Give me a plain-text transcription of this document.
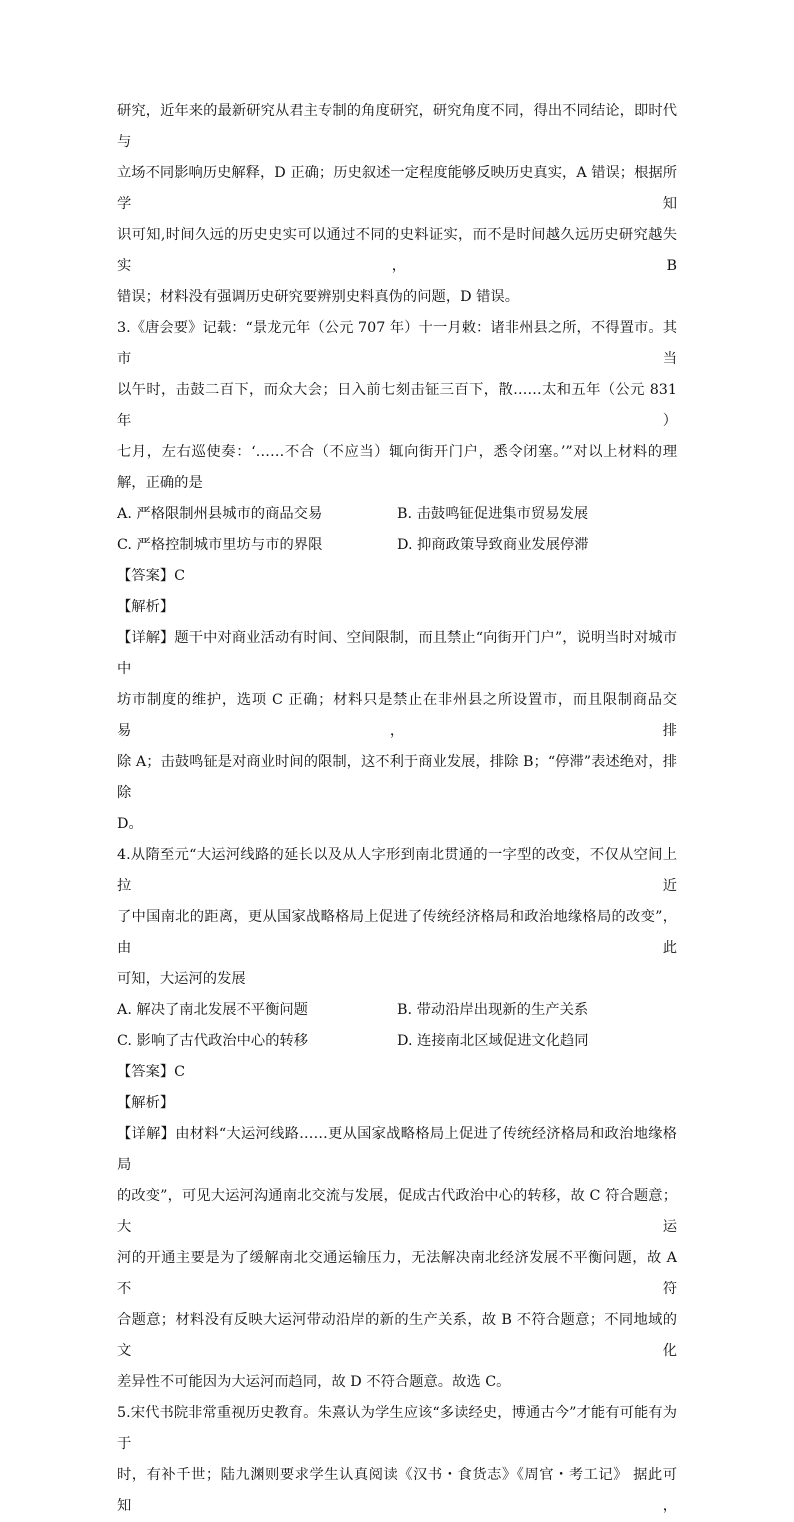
研究，近年来的最新研究从君主专制的角度研究，研究角度不同，得出不同结论，即时代与

立场不同影响历史解释，D 正确；历史叙述一定程度能够反映历史真实，A 错误；根据所学知

识可知,时间久远的历史史实可以通过不同的史料证实，而不是时间越久远历史研究越失实，B

错误；材料没有强调历史研究要辨别史料真伪的问题，D 错误。

3.《唐会要》记载：“景龙元年（公元 707 年）十一月敕：诸非州县之所，不得置市。其市当

以午时，击鼓二百下，而众大会；日入前七刻击钲三百下，散……太和五年（公元 831 年）

七月，左右巡使奏：‘……不合（不应当）辄向街开门户，悉令闭塞。’”对以上材料的理

解，正确的是

A. 严格限制州县城市的商品交易	B. 击鼓鸣钲促进集市贸易发展
C. 严格控制城市里坊与市的界限	D. 抑商政策导致商业发展停滞
【答案】C
【解析】

【详解】题干中对商业活动有时间、空间限制，而且禁止“向街开门户”，说明当时对城市中

坊市制度的维护，选项 C 正确；材料只是禁止在非州县之所设置市，而且限制商品交易，排

除 A；击鼓鸣钲是对商业时间的限制，这不利于商业发展，排除 B；“停滞”表述绝对，排除

D。

4.从隋至元“大运河线路的延长以及从人字形到南北贯通的一字型的改变，不仅从空间上拉近

了中国南北的距离，更从国家战略格局上促进了传统经济格局和政治地缘格局的改变”，由此

可知，大运河的发展

A. 解决了南北发展不平衡问题	B. 带动沿岸出现新的生产关系
C. 影响了古代政治中心的转移	D. 连接南北区域促进文化趋同
【答案】C
【解析】

【详解】由材料“大运河线路……更从国家战略格局上促进了传统经济格局和政治地缘格局

的改变”，可见大运河沟通南北交流与发展，促成古代政治中心的转移，故 C 符合题意；大运

河的开通主要是为了缓解南北交通运输压力，无法解决南北经济发展不平衡问题，故 A 不符

合题意；材料没有反映大运河带动沿岸的新的生产关系，故 B 不符合题意；不同地域的文化

差异性不可能因为大运河而趋同，故 D 不符合题意。故选 C。

5.宋代书院非常重视历史教育。朱熹认为学生应该“多读经史，博通古今”才能有可能有为于

时，有补千世；陆九渊则要求学生认真阅读《汉书・食货志》《周官・考工记》 据此可知，
